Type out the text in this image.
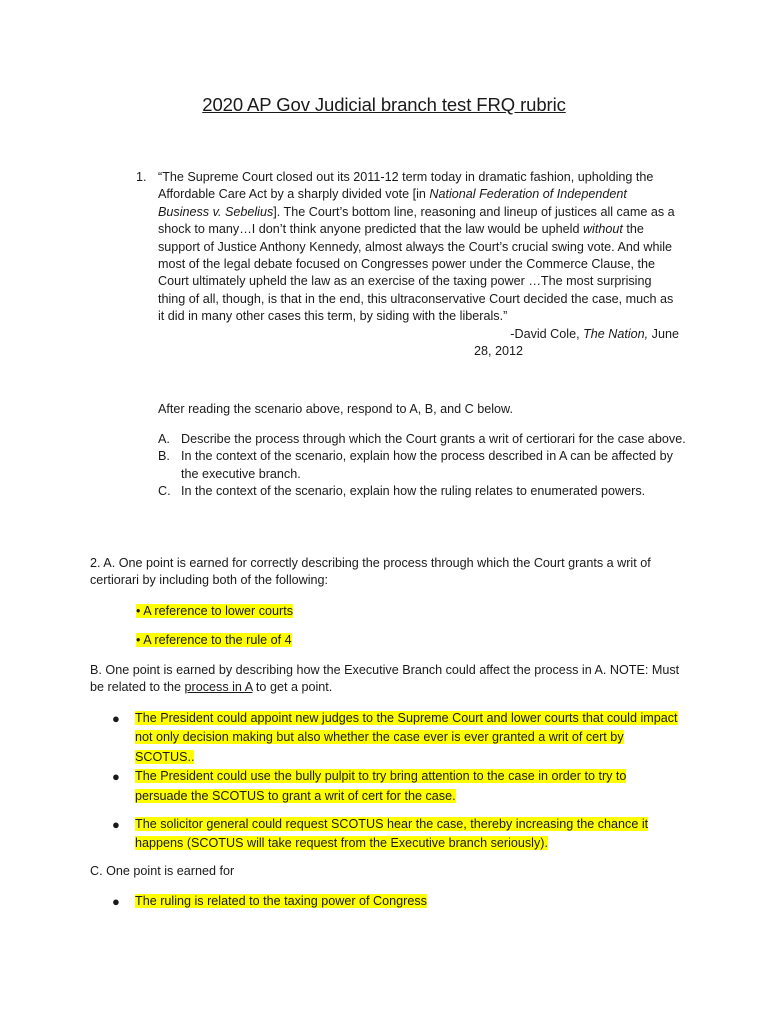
2020 AP Gov Judicial branch test FRQ rubric
1. “The Supreme Court closed out its 2011-12 term today in dramatic fashion, upholding the Affordable Care Act by a sharply divided vote [in National Federation of Independent Business v. Sebelius]. The Court’s bottom line, reasoning and lineup of justices all came as a shock to many…I don’t think anyone predicted that the law would be upheld without the support of Justice Anthony Kennedy, almost always the Court’s crucial swing vote. And while most of the legal debate focused on Congresses power under the Commerce Clause, the Court ultimately upheld the law as an exercise of the taxing power …The most surprising thing of all, though, is that in the end, this ultraconservative Court decided the case, much as it did in many other cases this term, by siding with the liberals.”
-David Cole, The Nation, June
28, 2012
After reading the scenario above, respond to A, B, and C below.
A. Describe the process through which the Court grants a writ of certiorari for the case above.
B. In the context of the scenario, explain how the process described in A can be affected by the executive branch.
C. In the context of the scenario, explain how the ruling relates to enumerated powers.
2. A. One point is earned for correctly describing the process through which the Court grants a writ of certiorari by including both of the following:
• A reference to lower courts
• A reference to the rule of 4
B. One point is earned by describing how the Executive Branch could affect the process in A. NOTE: Must be related to the process in A to get a point.
● The President could appoint new judges to the Supreme Court and lower courts that could impact not only decision making but also whether the case ever is ever granted a writ of cert by SCOTUS..
● The President could use the bully pulpit to try bring attention to the case in order to try to persuade the SCOTUS to grant a writ of cert for the case.
● The solicitor general could request SCOTUS hear the case, thereby increasing the chance it happens (SCOTUS will take request from the Executive branch seriously).
C. One point is earned for
● The ruling is related to the taxing power of Congress
